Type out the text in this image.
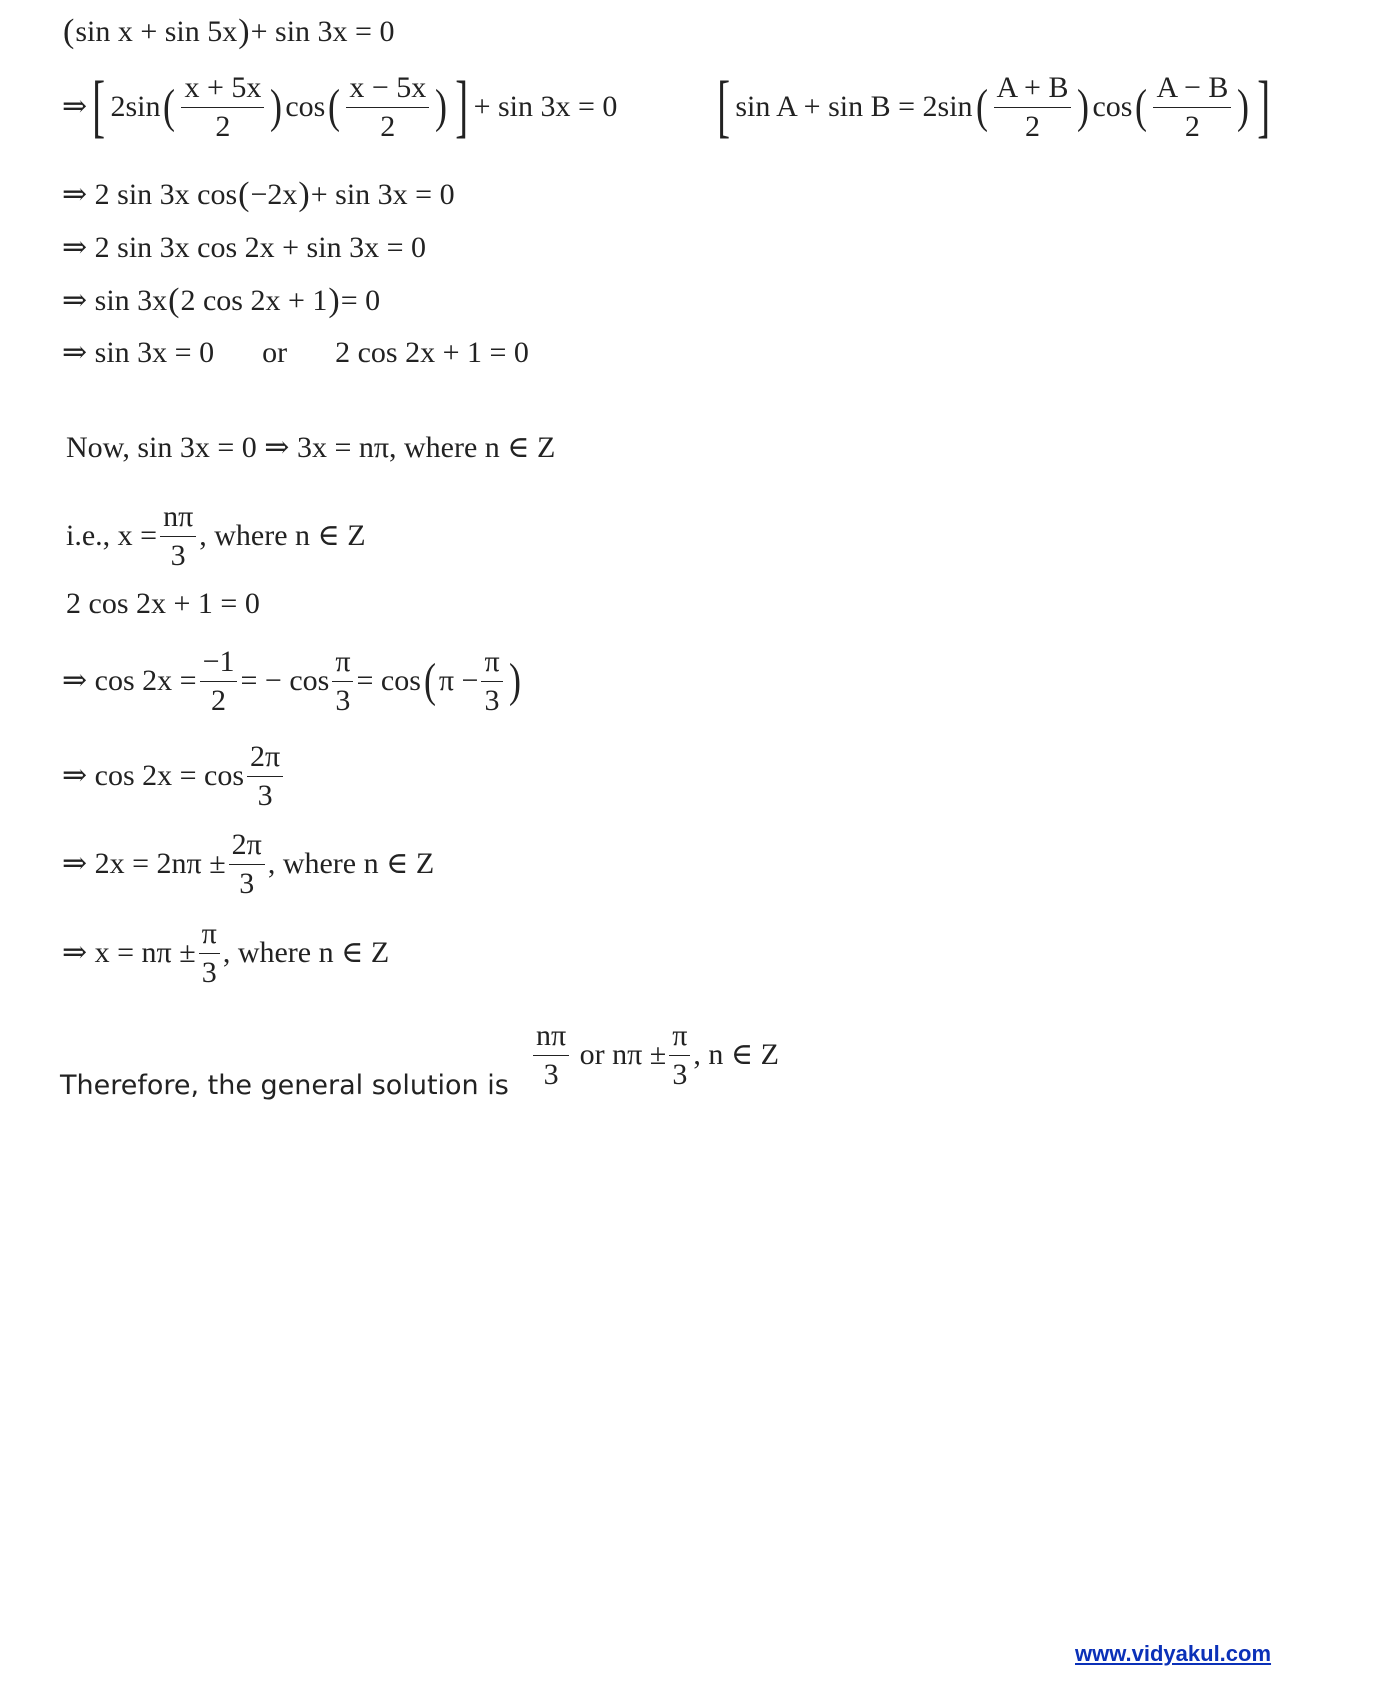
( sin x + sin 5x ) + sin 3x = 0
⇒ [ 2sin ( $\frac{x + 5x}{2}$ ) cos ( $\frac{x - 5x}{2}$ ) ] + sin 3x = 0 [ sin A + sin B = 2sin ( $\frac{A + B}{2}$ ) cos ( $\frac{A - B}{2}$ ) ]
⇒
2 sin 3x cos ( −2x ) + sin 3x = 0
⇒
2 sin 3x cos 2x + sin 3x = 0
⇒
sin 3x ( 2 cos 2x + 1 ) = 0
⇒
sin 3x = 0 or 2 cos 2x + 1 = 0
Now, sin 3x = 0 ⇒ 3x = nπ, where n ∈ Z
i.e., $x = \frac{n\pi}{3}$ , where n ∈ Z
2 cos 2x + 1 = 0
⇒
$\cos 2x = \frac{-1}{2}$ = − $\cos \frac{\pi}{3} = \cos$ ( $\pi - \frac{\pi}{3}$ )
⇒
$\cos 2x = \cos \frac{2\pi}{3}$
⇒
$2x = 2n\pi \pm \frac{2\pi}{3}$ , where n ∈ Z
⇒
$x = n\pi \pm \frac{\pi}{3}$ , where n ∈ Z
Therefore, the general solution is $\frac{n\pi}{3}$
or $n\pi \pm \frac{\pi}{3}$ , n ∈ Z
www.vidyakul.com
